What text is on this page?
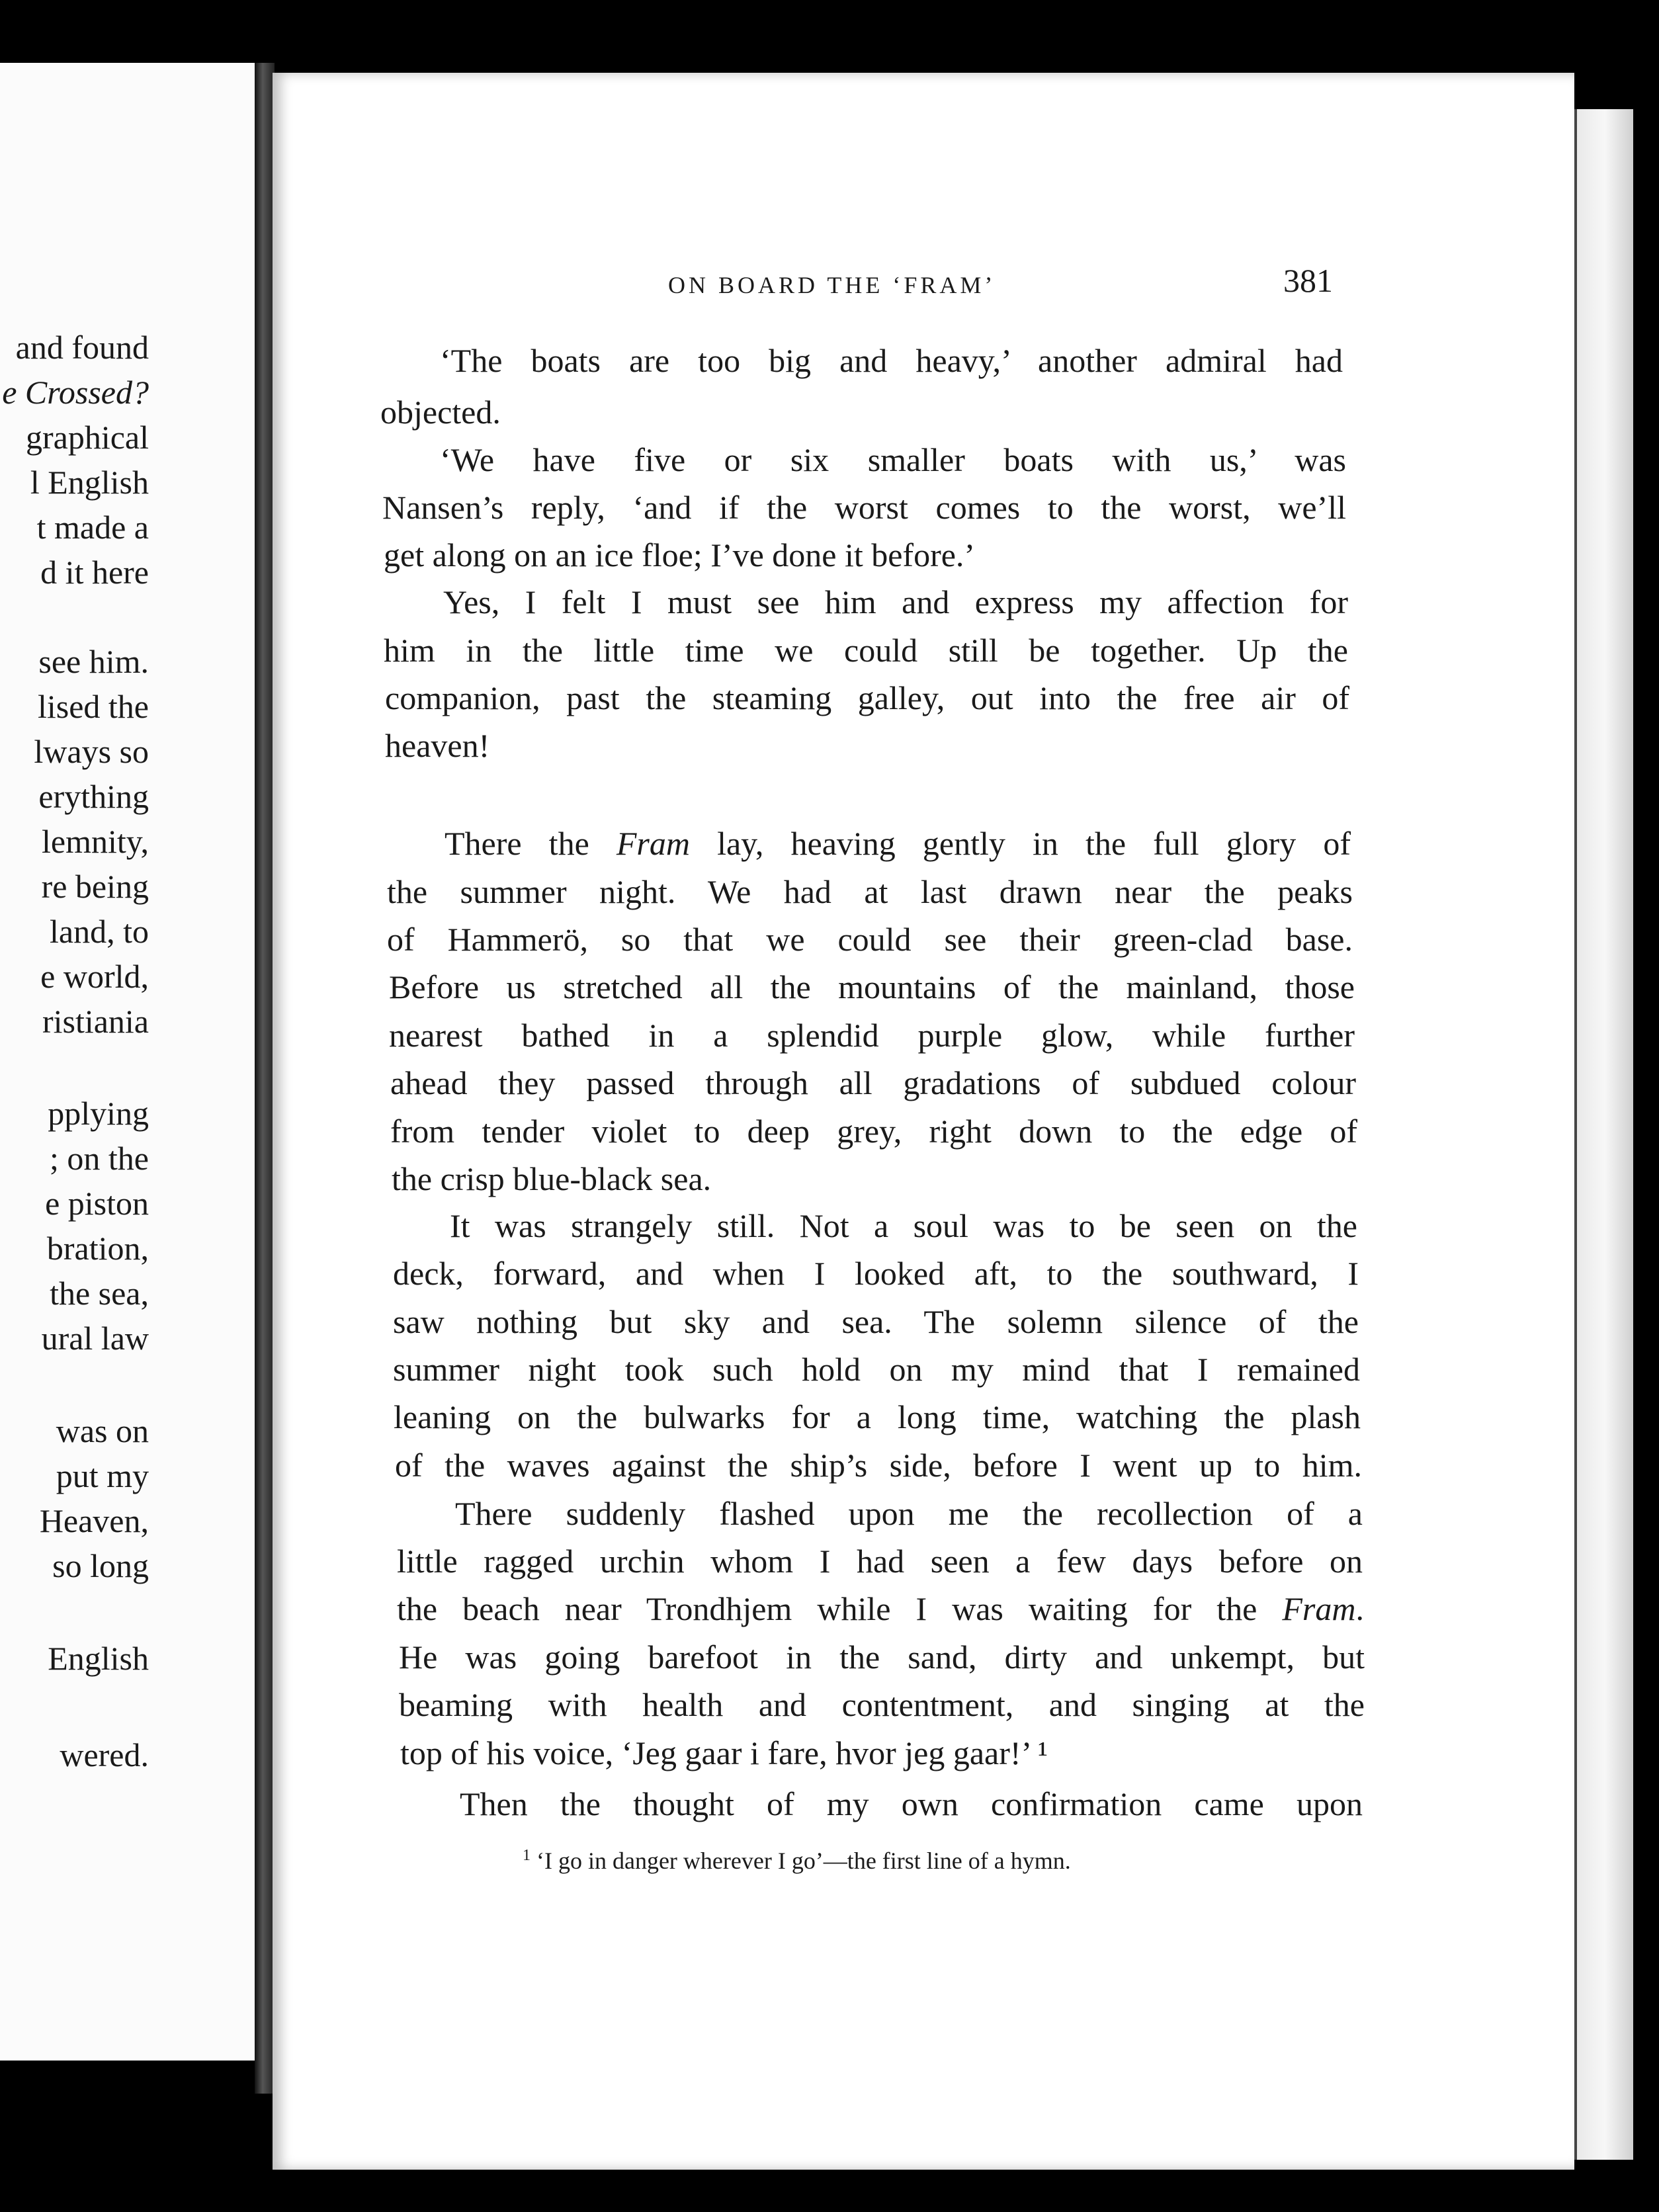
and found
e Crossed?
graphical
l English
t made a
d it here
see him.
lised the
lways so
erything
lemnity,
re being
land, to
e world,
ristiania
pplying
; on the
e piston
bration,
the sea,
ural law
was on
put my
Heaven,
so long
English
wered.
ON BOARD THE ‘FRAM’	381
‘The boats are too big and heavy,’ another admiral had
objected.
‘We have five or six smaller boats with us,’ was
Nansen’s reply, ‘and if the worst comes to the worst, we’ll
get along on an ice floe; I’ve done it before.’
Yes, I felt I must see him and express my affection for
him in the little time we could still be together. Up the
companion, past the steaming galley, out into the free air of
heaven!
There the Fram lay, heaving gently in the full glory of
the summer night. We had at last drawn near the peaks
of Hammerö, so that we could see their green-clad base.
Before us stretched all the mountains of the mainland, those
nearest bathed in a splendid purple glow, while further
ahead they passed through all gradations of subdued colour
from tender violet to deep grey, right down to the edge of
the crisp blue-black sea.
It was strangely still. Not a soul was to be seen on the
deck, forward, and when I looked aft, to the southward, I
saw nothing but sky and sea. The solemn silence of the
summer night took such hold on my mind that I remained
leaning on the bulwarks for a long time, watching the plash
of the waves against the ship’s side, before I went up to him.
There suddenly flashed upon me the recollection of a
little ragged urchin whom I had seen a few days before on
the beach near Trondhjem while I was waiting for the Fram.
He was going barefoot in the sand, dirty and unkempt, but
beaming with health and contentment, and singing at the
top of his voice, ‘Jeg gaar i fare, hvor jeg gaar!’ ¹
Then the thought of my own confirmation came upon
$^1$ ‘I go in danger wherever I go’—the first line of a hymn.
